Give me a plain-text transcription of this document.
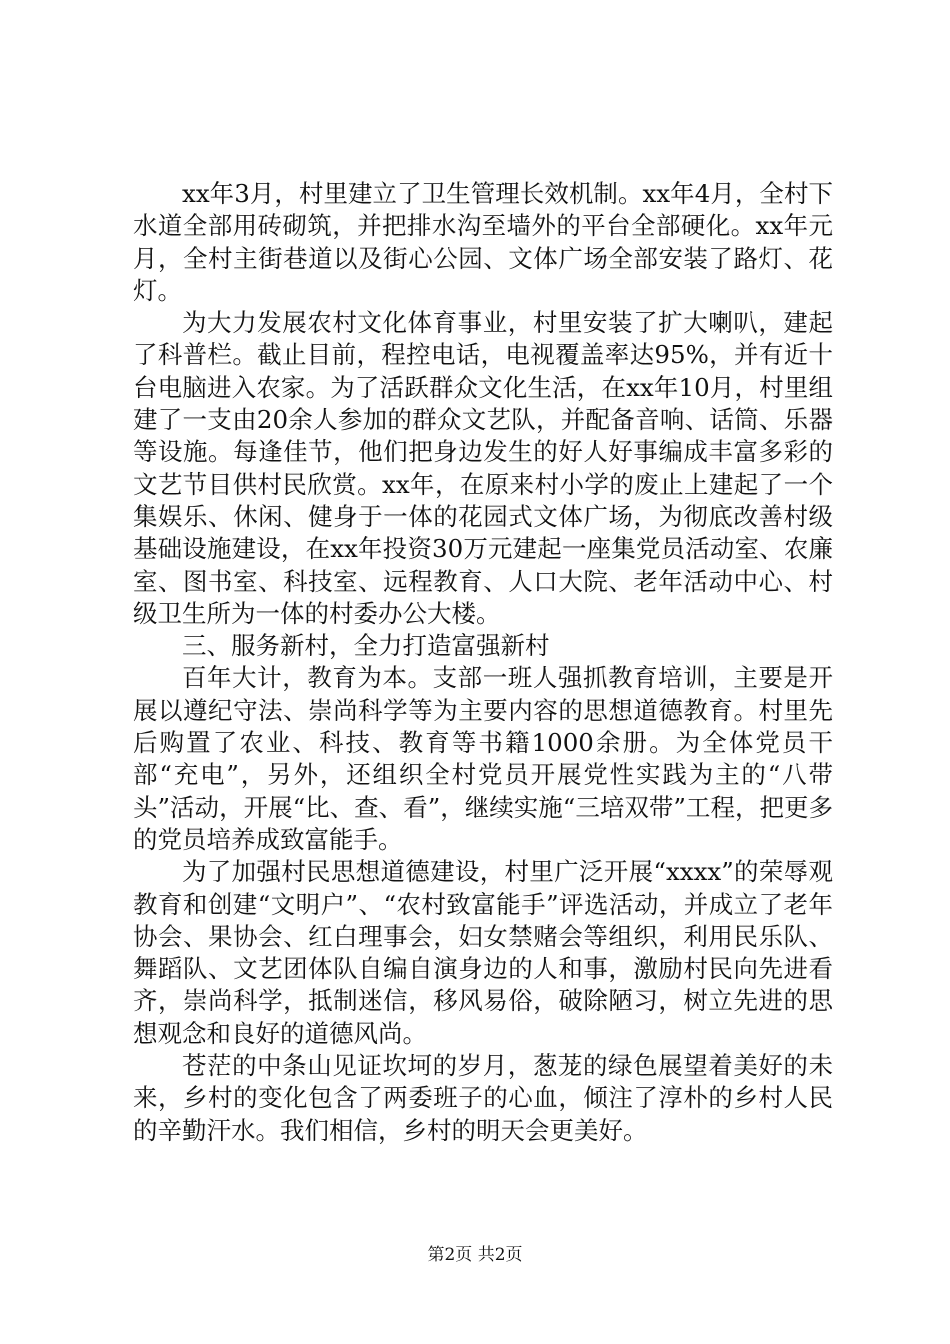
xx年3月，村里建立了卫生管理长效机制。xx年4月，全村下水道全部用砖砌筑，并把排水沟至墙外的平台全部硬化。xx年元月，全村主街巷道以及街心公园、文体广场全部安装了路灯、花灯。

为大力发展农村文化体育事业，村里安装了扩大喇叭，建起了科普栏。截止目前，程控电话，电视覆盖率达95%，并有近十台电脑进入农家。为了活跃群众文化生活，在xx年10月，村里组建了一支由20余人参加的群众文艺队，并配备音响、话筒、乐器等设施。每逢佳节，他们把身边发生的好人好事编成丰富多彩的文艺节目供村民欣赏。xx年，在原来村小学的废止上建起了一个集娱乐、休闲、健身于一体的花园式文体广场，为彻底改善村级基础设施建设，在xx年投资30万元建起一座集党员活动室、农廉室、图书室、科技室、远程教育、人口大院、老年活动中心、村级卫生所为一体的村委办公大楼。

三、服务新村，全力打造富强新村

百年大计，教育为本。支部一班人强抓教育培训，主要是开展以遵纪守法、崇尚科学等为主要内容的思想道德教育。村里先后购置了农业、科技、教育等书籍1000余册。为全体党员干部“充电”，另外，还组织全村党员开展党性实践为主的“八带头”活动，开展“比、查、看”，继续实施“三培双带”工程，把更多的党员培养成致富能手。

为了加强村民思想道德建设，村里广泛开展“xxxx”的荣辱观教育和创建“文明户”、“农村致富能手”评选活动，并成立了老年协会、果协会、红白理事会，妇女禁赌会等组织，利用民乐队、舞蹈队、文艺团体队自编自演身边的人和事，激励村民向先进看齐，崇尚科学，抵制迷信，移风易俗，破除陋习，树立先进的思想观念和良好的道德风尚。

苍茫的中条山见证坎坷的岁月，葱茏的绿色展望着美好的未来，乡村的变化包含了两委班子的心血，倾注了淳朴的乡村人民的辛勤汗水。我们相信，乡村的明天会更美好。

第2页 共2页
